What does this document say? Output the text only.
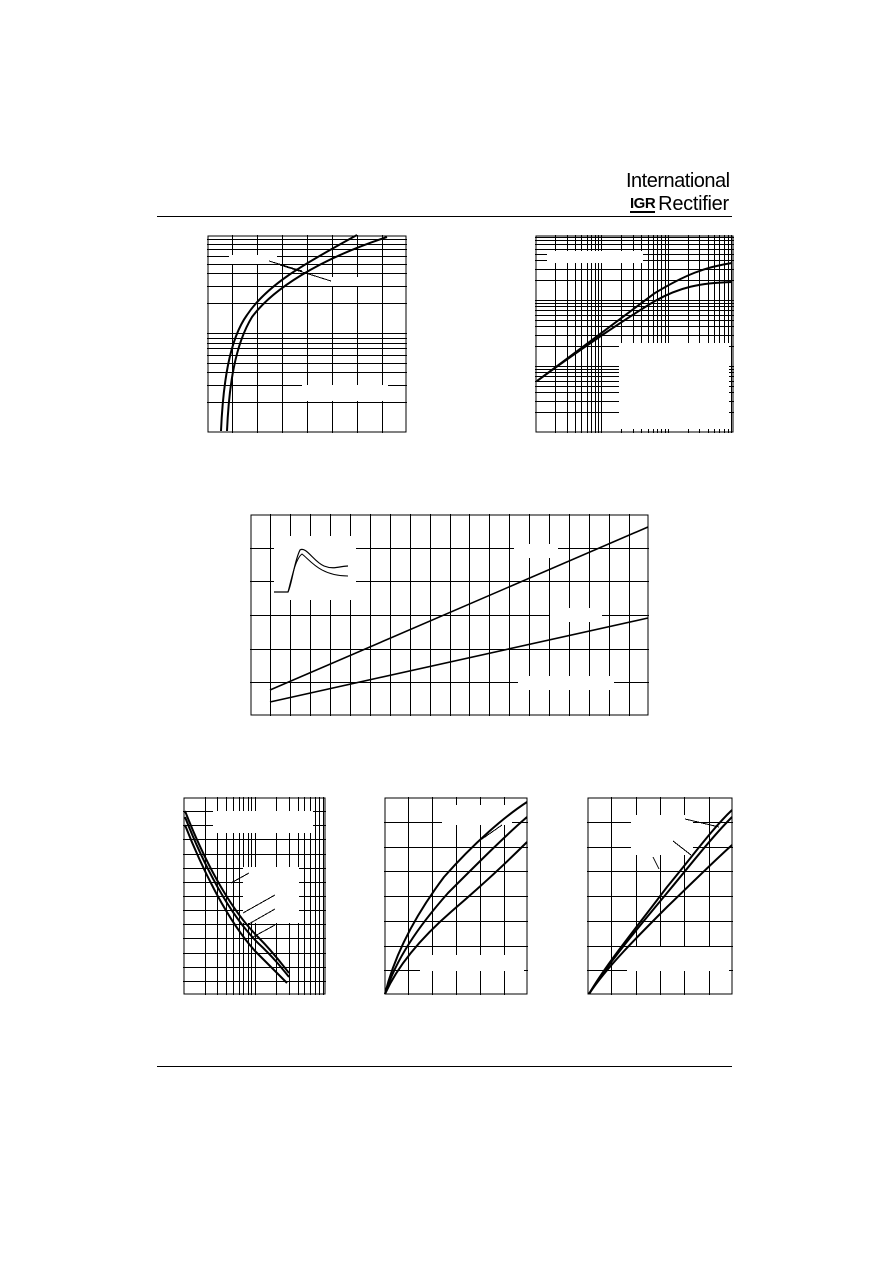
International
IGR Rectifier
